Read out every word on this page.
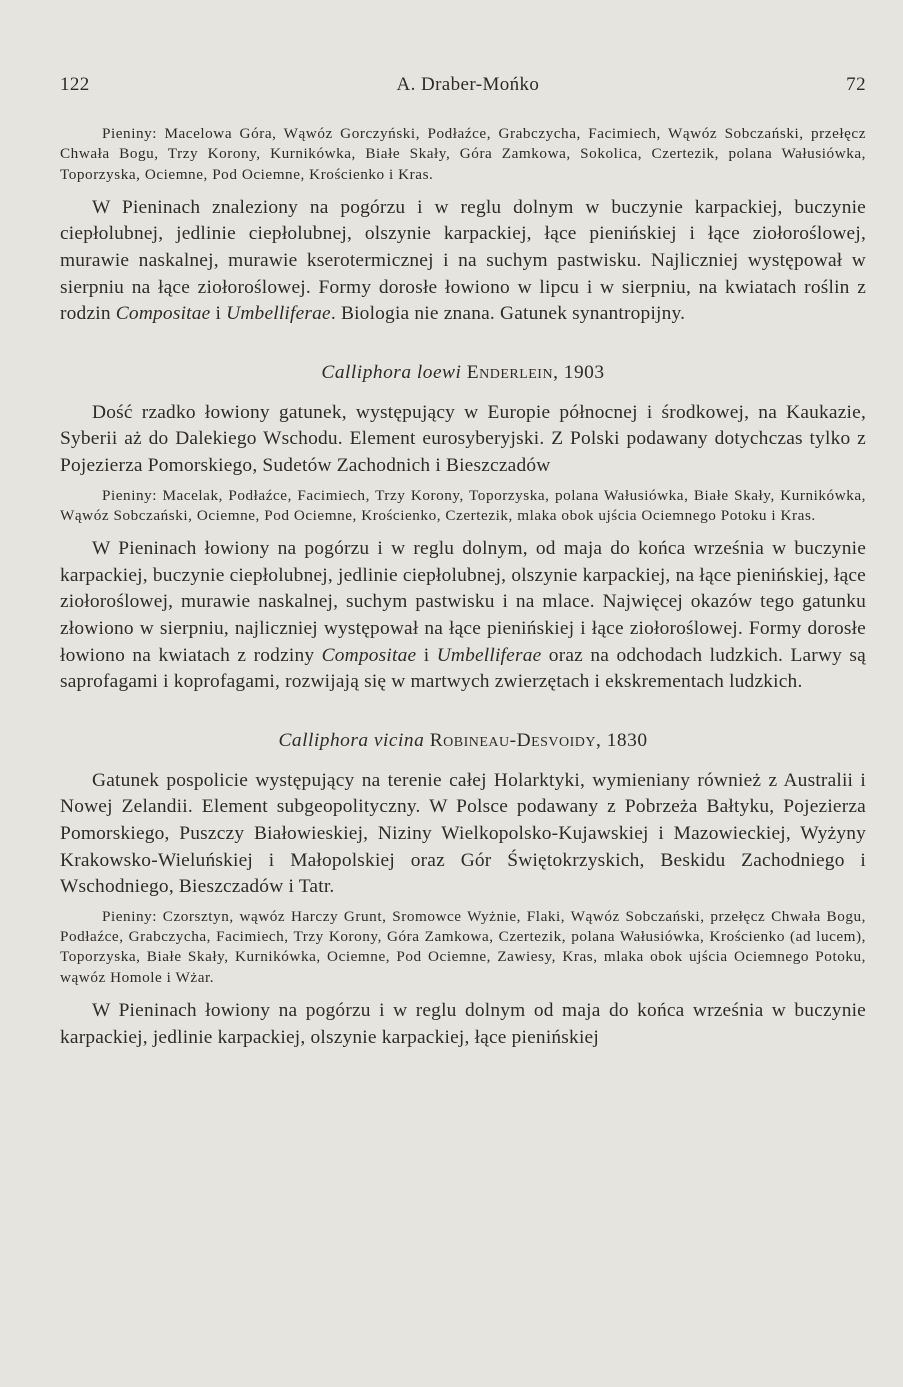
122	A. Draber-Mońko	72

Pieniny: Macelowa Góra, Wąwóz Gorczyński, Podłaźce, Grabczycha, Facimiech, Wąwóz Sobczański, przełęcz Chwała Bogu, Trzy Korony, Kurnikówka, Białe Skały, Góra Zamkowa, Sokolica, Czertezik, polana Wałusiówka, Toporzyska, Ociemne, Pod Ociemne, Krościenko i Kras.

W Pieninach znaleziony na pogórzu i w reglu dolnym w buczynie karpackiej, buczynie ciepłolubnej, jedlinie ciepłolubnej, olszynie karpackiej, łące pienińskiej i łące ziołoroślowej, murawie naskalnej, murawie kserotermicznej i na suchym pastwisku. Najliczniej występował w sierpniu na łące ziołoroślowej. Formy dorosłe łowiono w lipcu i w sierpniu, na kwiatach roślin z rodzin Compositae i Umbelliferae. Biologia nie znana. Gatunek synantropijny.

Calliphora loewi Enderlein, 1903

Dość rzadko łowiony gatunek, występujący w Europie północnej i środkowej, na Kaukazie, Syberii aż do Dalekiego Wschodu. Element eurosyberyjski. Z Polski podawany dotychczas tylko z Pojezierza Pomorskiego, Sudetów Zachodnich i Bieszczadów

Pieniny: Macelak, Podłaźce, Facimiech, Trzy Korony, Toporzyska, polana Wałusiówka, Białe Skały, Kurnikówka, Wąwóz Sobczański, Ociemne, Pod Ociemne, Krościenko, Czertezik, mlaka obok ujścia Ociemnego Potoku i Kras.

W Pieninach łowiony na pogórzu i w reglu dolnym, od maja do końca września w buczynie karpackiej, buczynie ciepłolubnej, jedlinie ciepłolubnej, olszynie karpackiej, na łące pienińskiej, łące ziołoroślowej, murawie naskalnej, suchym pastwisku i na mlace. Najwięcej okazów tego gatunku złowiono w sierpniu, najliczniej występował na łące pienińskiej i łące ziołoroślowej. Formy dorosłe łowiono na kwiatach z rodziny Compositae i Umbelliferae oraz na odchodach ludzkich. Larwy są saprofagami i koprofagami, rozwijają się w martwych zwierzętach i ekskrementach ludzkich.

Calliphora vicina Robineau-Desvoidy, 1830

Gatunek pospolicie występujący na terenie całej Holarktyki, wymieniany również z Australii i Nowej Zelandii. Element subgeopolityczny. W Polsce podawany z Pobrzeża Bałtyku, Pojezierza Pomorskiego, Puszczy Białowieskiej, Niziny Wielkopolsko-Kujawskiej i Mazowieckiej, Wyżyny Krakowsko-Wieluńskiej i Małopolskiej oraz Gór Świętokrzyskich, Beskidu Zachodniego i Wschodniego, Bieszczadów i Tatr.

Pieniny: Czorsztyn, wąwóz Harczy Grunt, Sromowce Wyżnie, Flaki, Wąwóz Sobczański, przełęcz Chwała Bogu, Podłaźce, Grabczycha, Facimiech, Trzy Korony, Góra Zamkowa, Czertezik, polana Wałusiówka, Krościenko (ad lucem), Toporzyska, Białe Skały, Kurnikówka, Ociemne, Pod Ociemne, Zawiesy, Kras, mlaka obok ujścia Ociemnego Potoku, wąwóz Homole i Wżar.

W Pieninach łowiony na pogórzu i w reglu dolnym od maja do końca września w buczynie karpackiej, jedlinie karpackiej, olszynie karpackiej, łące pienińskiej
